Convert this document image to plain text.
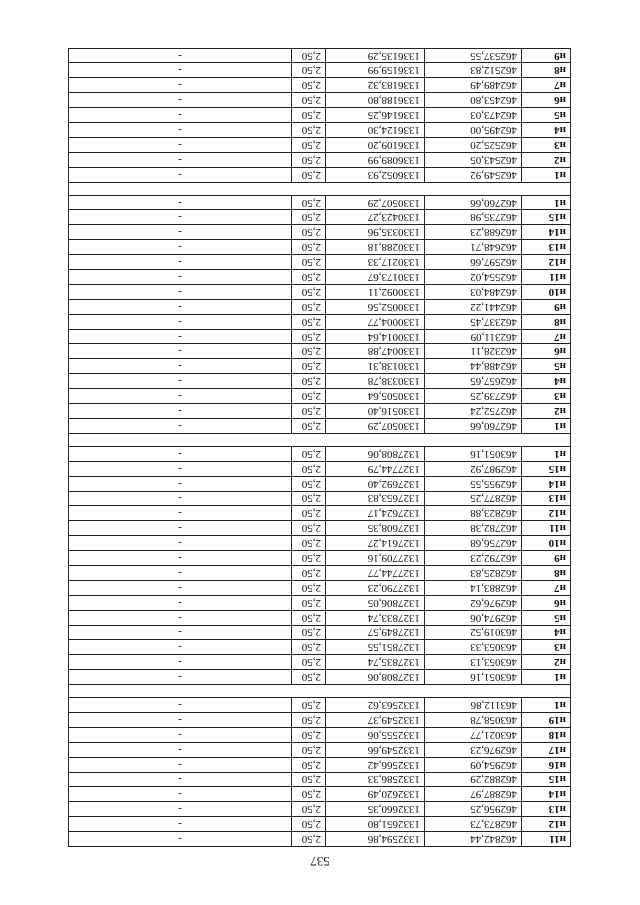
537
н11	462842,44	1332594,86	2,50	-
н12	462873,73	1332651,80	2,50	-
н13	462956,25	1332660,35	2,50	-
н14	462887,97	1332620,49	2,50	-
н15	462882,29	1332586,33	2,50	-
н16	462954,09	1332566,42	2,50	-
н17	462976,23	1332549,66	2,50	-
н18	463021,77	1332555,06	2,50	-
н19	463058,78	1332549,37	2,50	-
н1	463112,86	1332563,62	2,50	-

н1	463051,16	1327808,06	2,50	-
н2	463053,13	1327835,74	2,50	-
н3	463053,33	1327851,55	2,50	-
н4	463019,52	1327849,57	2,50	-
н5	462974,06	1327833,74	2,50	-
н6	462976,62	1327806,05	2,50	-
н7	462883,14	1327790,23	2,50	-
н8	462825,83	1327744,77	2,50	-
н9	462792,23	1327709,16	2,50	-
н10	462756,68	1327614,27	2,50	-
н11	462782,38	1327608,35	2,50	-
н12	462823,88	1327624,17	2,50	-
н13	462877,25	1327653,83	2,50	-
н14	462955,55	1327692,40	2,50	-
н15	462987,92	1327744,79	2,50	-
н1	463051,16	1327808,06	2,50	-

н1	462760,66	1330507,29	2,50	-
н2	462752,24	1330516,40	2,50	-
н3	462739,25	1330505,64	2,50	-
н4	462657,65	1330338,78	2,50	-
н5	462488,44	1330138,31	2,50	-
н6	462328,11	1330047,88	2,50	-
н7	462311,09	1330014,64	2,50	-
н8	462337,45	1330004,77	2,50	-
н9	462441,22	1330052,56	2,50	-
н10	462484,03	1330092,11	2,50	-
н11	462554,02	1330173,67	2,50	-
н12	462597,66	1330217,33	2,50	-
н13	462648,71	1330288,18	2,50	-
н14	462688,23	1330335,96	2,50	-
н15	462735,98	1330423,27	2,50	-
н1	462760,66	1330507,29	2,50	-

н1	462549,92	1336052,93	2,50	-
н2	462543,05	1336089,99	2,50	-
н3	462525,20	1336109,20	2,50	-
н4	462495,00	1336124,30	2,50	-
н5	462473,03	1336146,25	2,50	-
н6	462453,80	1336188,80	2,50	-
н7	462489,49	1336183,32	2,50	-
н8	462512,83	1336159,99	2,50	-
н9	462537,55	1336135,29	2,50	-
